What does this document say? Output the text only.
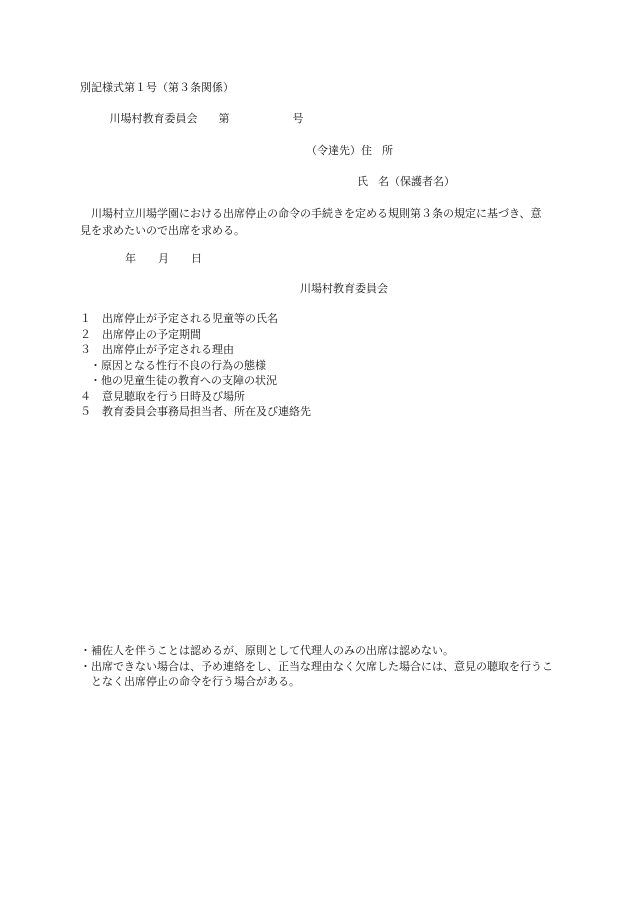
別記様式第１号（第３条関係）
川場村教育委員会 第	号
（令達先）住 所
氏 名（保護者名）
川場村立川場学園における出席停止の命令の手続きを定める規則第３条の規定に基づき、意見を求めたいので出席を求める。
年 月 日
川場村教育委員会
１ 出席停止が予定される児童等の氏名
２ 出席停止の予定期間
３ 出席停止が予定される理由
・原因となる性行不良の行為の態様
・他の児童生徒の教育への支障の状況
４ 意見聴取を行う日時及び場所
５ 教育委員会事務局担当者、所在及び連絡先
・補佐人を伴うことは認めるが、原則として代理人のみの出席は認めない。
・出席できない場合は、予め連絡をし、正当な理由なく欠席した場合には、意見の聴取を行うことなく出席停止の命令を行う場合がある。
